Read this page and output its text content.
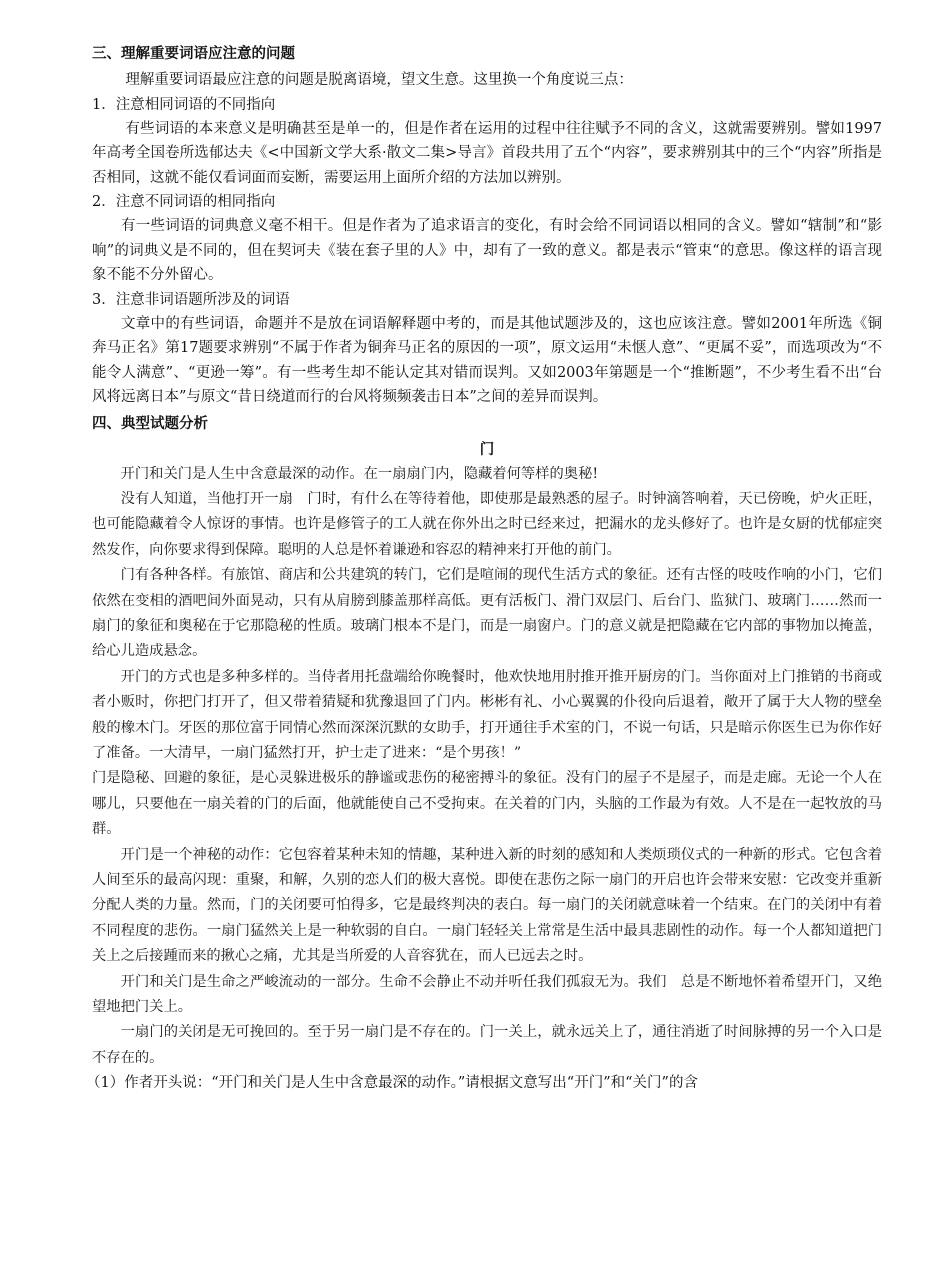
三、理解重要词语应注意的问题

理解重要词语最应注意的问题是脱离语境，望文生意。这里换一个角度说三点：

1．注意相同词语的不同指向

有些词语的本来意义是明确甚至是单一的，但是作者在运用的过程中往往赋予不同的含义，这就需要辨别。譬如1997年高考全国卷所选郁达夫《<中国新文学大系·散文二集>导言》首段共用了五个“内容”，要求辨别其中的三个“内容”所指是否相同，这就不能仅看词面而妄断，需要运用上面所介绍的方法加以辨别。

2．注意不同词语的相同指向

有一些词语的词典意义毫不相干。但是作者为了追求语言的变化，有时会给不同词语以相同的含义。譬如“辖制”和“影响”的词典义是不同的，但在契诃夫《装在套子里的人》中，却有了一致的意义。都是表示“管束“的意思。像这样的语言现象不能不分外留心。

3．注意非词语题所涉及的词语

文章中的有些词语，命题并不是放在词语解释题中考的，而是其他试题涉及的，这也应该注意。譬如2001年所选《铜奔马正名》第17题要求辨别“不属于作者为铜奔马正名的原因的一项”，原文运用“未惬人意”、“更属不妥”，而选项改为“不能令人满意”、“更逊一筹”。有一些考生却不能认定其对错而误判。又如2003年第题是一个“推断题”，不少考生看不出“台风将远离日本”与原文“昔日绕道而行的台风将频频袭击日本”之间的差异而误判。

四、典型试题分析

门

开门和关门是人生中含意最深的动作。在一扇扇门内，隐藏着何等样的奥秘!

没有人知道，当他打开一扇　门时，有什么在等待着他，即使那是最熟悉的屋子。时钟滴答响着，天已傍晚，炉火正旺，也可能隐藏着令人惊讶的事情。也许是修管子的工人就在你外出之时已经来过，把漏水的龙头修好了。也许是女厨的忧郁症突然发作，向你要求得到保障。聪明的人总是怀着谦逊和容忍的精神来打开他的前门。

门有各种各样。有旅馆、商店和公共建筑的转门，它们是喧闹的现代生活方式的象征。还有古怪的吱吱作响的小门，它们依然在变相的酒吧间外面晃动，只有从肩膀到膝盖那样高低。更有活板门、滑门双层门、后台门、监狱门、玻璃门……然而一扇门的象征和奥秘在于它那隐秘的性质。玻璃门根本不是门，而是一扇窗户。门的意义就是把隐藏在它内部的事物加以掩盖，给心儿造成悬念。

开门的方式也是多种多样的。当侍者用托盘端给你晚餐时，他欢快地用肘推开推开厨房的门。当你面对上门推销的书商或者小贩时，你把门打开了，但又带着猜疑和犹豫退回了门内。彬彬有礼、小心翼翼的仆役向后退着，敞开了属于大人物的壁垒般的橡木门。牙医的那位富于同情心然而深深沉默的女助手，打开通往手术室的门，不说一句话，只是暗示你医生已为你作好了准备。一大清早，一扇门猛然打开，护士走了进来：“是个男孩！”

门是隐秘、回避的象征，是心灵躲进极乐的静谧或悲伤的秘密搏斗的象征。没有门的屋子不是屋子，而是走廊。无论一个人在哪儿，只要他在一扇关着的门的后面，他就能使自己不受拘束。在关着的门内，头脑的工作最为有效。人不是在一起牧放的马群。

开门是一个神秘的动作：它包容着某种未知的情趣，某种进入新的时刻的感知和人类烦琐仪式的一种新的形式。它包含着人间至乐的最高闪现：重聚，和解，久别的恋人们的极大喜悦。即使在悲伤之际一扇门的开启也许会带来安慰：它改变并重新分配人类的力量。然而，门的关闭要可怕得多，它是最终判决的表白。每一扇门的关闭就意味着一个结束。在门的关闭中有着不同程度的悲伤。一扇门猛然关上是一种软弱的自白。一扇门轻轻关上常常是生活中最具悲剧性的动作。每一个人都知道把门关上之后接踵而来的揪心之痛，尤其是当所爱的人音容犹在，而人已远去之时。

开门和关门是生命之严峻流动的一部分。生命不会静止不动并听任我们孤寂无为。我们　总是不断地怀着希望开门，又绝望地把门关上。

一扇门的关闭是无可挽回的。至于另一扇门是不存在的。门一关上，就永远关上了，通往消逝了时间脉搏的另一个入口是不存在的。

（1）作者开头说：“开门和关门是人生中含意最深的动作。”请根据文意写出“开门”和“关门”的含
